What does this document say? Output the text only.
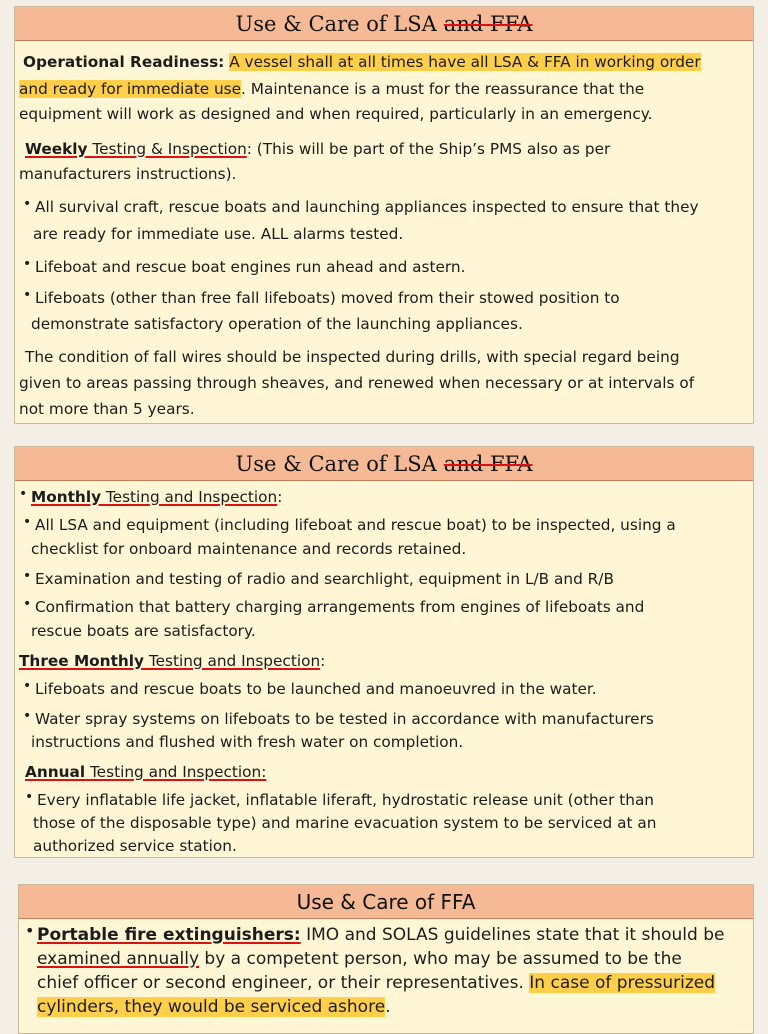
Use & Care of LSA and FFA
Operational Readiness: A vessel shall at all times have all LSA & FFA in working order
and ready for immediate use. Maintenance is a must for the reassurance that the
equipment will work as designed and when required, particularly in an emergency.
Weekly Testing & Inspection: (This will be part of the Ship’s PMS also as per
manufacturers instructions).
• All survival craft, rescue boats and launching appliances inspected to ensure that they
are ready for immediate use. ALL alarms tested.
• Lifeboat and rescue boat engines run ahead and astern.
• Lifeboats (other than free fall lifeboats) moved from their stowed position to
demonstrate satisfactory operation of the launching appliances.
The condition of fall wires should be inspected during drills, with special regard being
given to areas passing through sheaves, and renewed when necessary or at intervals of
not more than 5 years.
Use & Care of LSA and FFA
• Monthly Testing and Inspection:
• All LSA and equipment (including lifeboat and rescue boat) to be inspected, using a
checklist for onboard maintenance and records retained.
• Examination and testing of radio and searchlight, equipment in L/B and R/B
• Confirmation that battery charging arrangements from engines of lifeboats and
rescue boats are satisfactory.
Three Monthly Testing and Inspection:
• Lifeboats and rescue boats to be launched and manoeuvred in the water.
• Water spray systems on lifeboats to be tested in accordance with manufacturers
instructions and flushed with fresh water on completion.
Annual Testing and Inspection:
• Every inflatable life jacket, inflatable liferaft, hydrostatic release unit (other than
those of the disposable type) and marine evacuation system to be serviced at an
authorized service station.
Use & Care of FFA
• Portable fire extinguishers: IMO and SOLAS guidelines state that it should be
examined annually by a competent person, who may be assumed to be the
chief officer or second engineer, or their representatives. In case of pressurized
cylinders, they would be serviced ashore.
